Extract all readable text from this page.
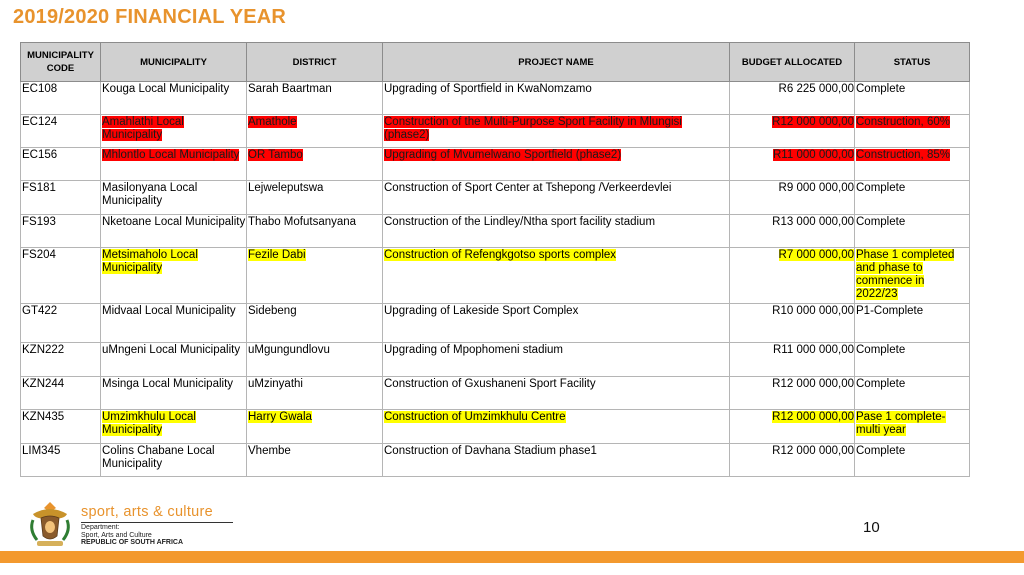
2019/2020 FINANCIAL YEAR
MUNICIPALITY CODE	MUNICIPALITY	DISTRICT	PROJECT NAME	BUDGET ALLOCATED	STATUS
EC108	Kouga Local Municipality	Sarah Baartman	Upgrading of Sportfield in KwaNomzamo	R6 225 000,00	Complete
EC124	Amahlathi Local Municipality	Amathole	Construction of the Multi-Purpose Sport Facility in Mlungisi (phase2)	R12 000 000,00	Construction, 60%
EC156	Mhlontlo Local Municipality	OR Tambo	Upgrading of Mvumelwano Sportfield (phase2)	R11 000 000,00	Construction, 85%
FS181	Masilonyana Local Municipality	Lejweleputswa	Construction of Sport Center at Tshepong /Verkeerdevlei	R9 000 000,00	Complete
FS193	Nketoane Local Municipality	Thabo Mofutsanyana	Construction of the Lindley/Ntha sport facility stadium	R13 000 000,00	Complete
FS204	Metsimaholo Local Municipality	Fezile Dabi	Construction of Refengkgotso sports complex	R7 000 000,00	Phase 1 completed and phase to commence in 2022/23
GT422	Midvaal Local Municipality	Sidebeng	Upgrading of Lakeside Sport Complex	R10 000 000,00	P1-Complete
KZN222	uMngeni Local Municipality	uMgungundlovu	Upgrading of Mpophomeni stadium	R11 000 000,00	Complete
KZN244	Msinga Local Municipality	uMzinyathi	Construction of Gxushaneni Sport Facility	R12 000 000,00	Complete
KZN435	Umzimkhulu Local Municipality	Harry Gwala	Construction of Umzimkhulu Centre	R12 000 000,00	Pase 1 complete-multi year
LIM345	Colins Chabane Local Municipality	Vhembe	Construction of Davhana Stadium phase1	R12 000 000,00	Complete
sport, arts & culture
Department:
Sport, Arts and Culture
REPUBLIC OF SOUTH AFRICA
10
